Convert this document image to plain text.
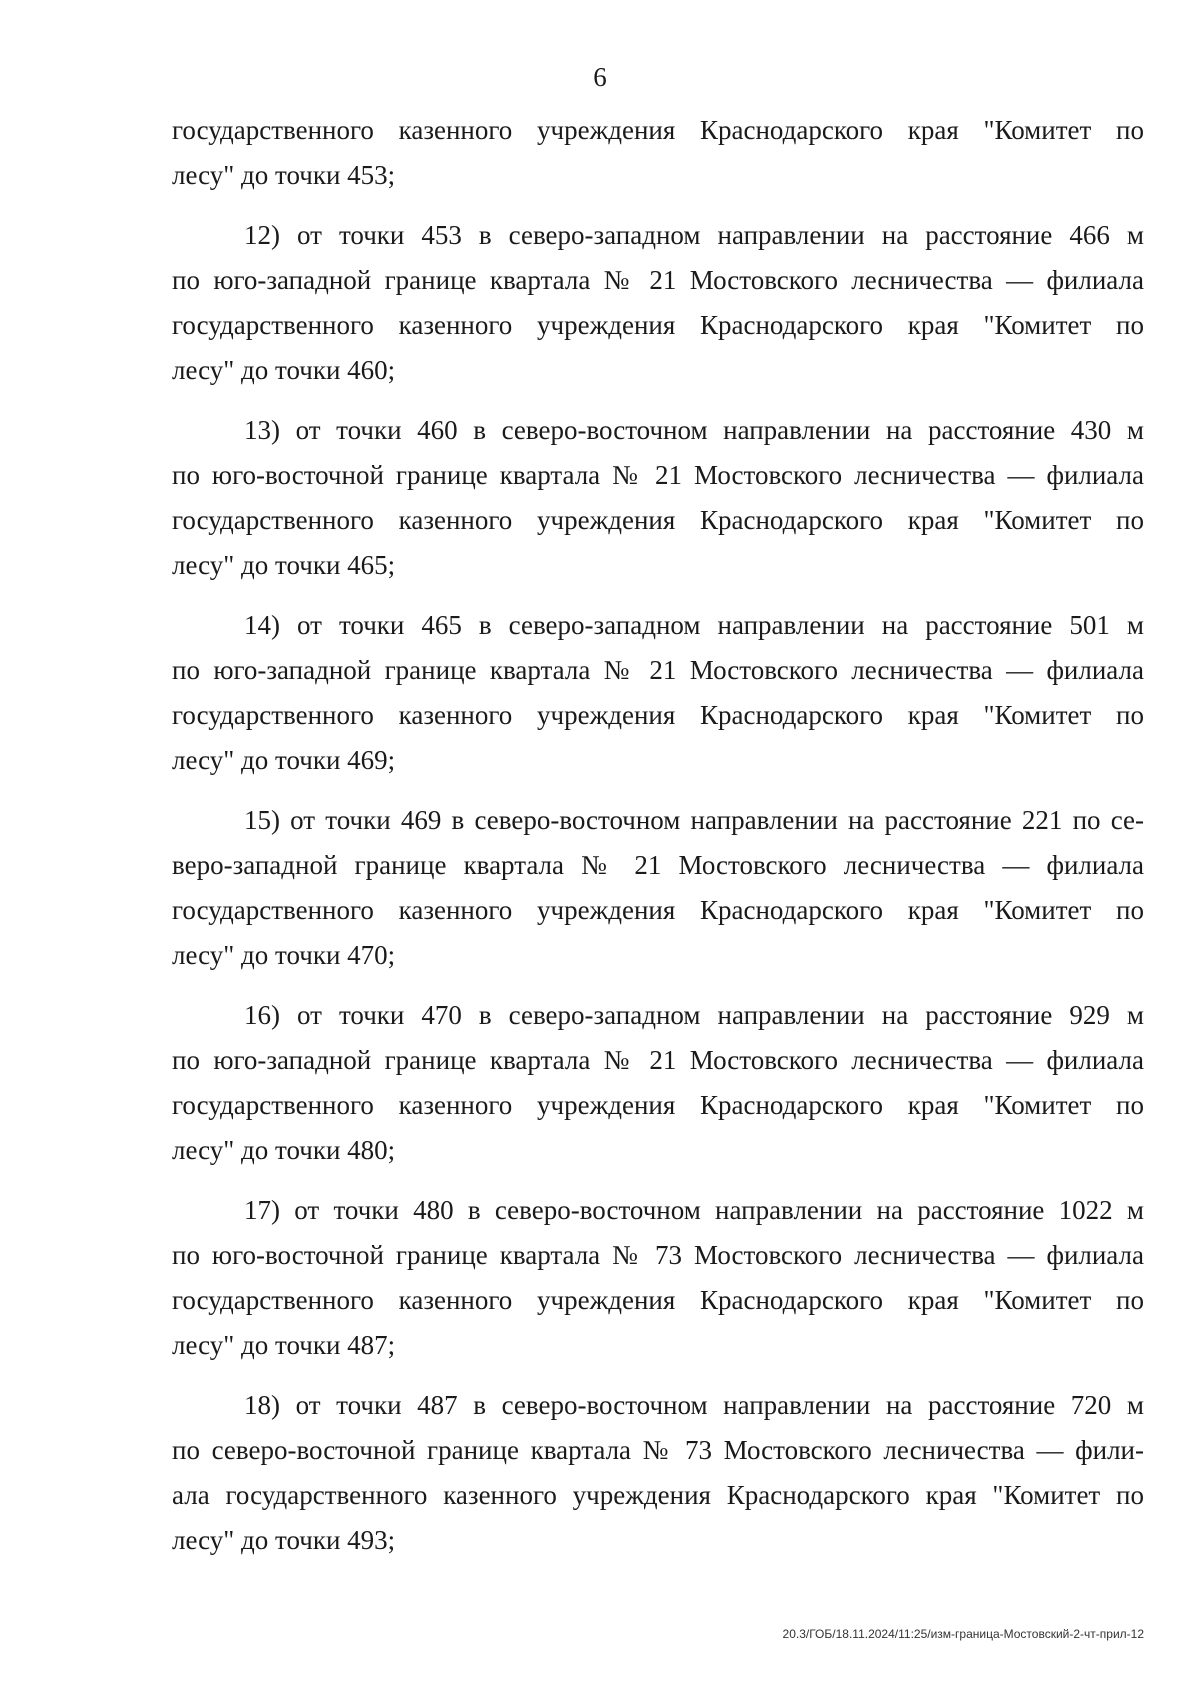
6
государственного казенного учреждения Краснодарского края "Комитет по
лесу" до точки 453;
12) от точки 453 в северо-западном направлении на расстояние 466 м
по юго-западной границе квартала № 21 Мостовского лесничества — филиала
государственного казенного учреждения Краснодарского края "Комитет по
лесу" до точки 460;
13) от точки 460 в северо-восточном направлении на расстояние 430 м
по юго-восточной границе квартала № 21 Мостовского лесничества — филиала
государственного казенного учреждения Краснодарского края "Комитет по
лесу" до точки 465;
14) от точки 465 в северо-западном направлении на расстояние 501 м
по юго-западной границе квартала № 21 Мостовского лесничества — филиала
государственного казенного учреждения Краснодарского края "Комитет по
лесу" до точки 469;
15) от точки 469 в северо-восточном направлении на расстояние 221 по се-
веро-западной границе квартала № 21 Мостовского лесничества — филиала
государственного казенного учреждения Краснодарского края "Комитет по
лесу" до точки 470;
16) от точки 470 в северо-западном направлении на расстояние 929 м
по юго-западной границе квартала № 21 Мостовского лесничества — филиала
государственного казенного учреждения Краснодарского края "Комитет по
лесу" до точки 480;
17) от точки 480 в северо-восточном направлении на расстояние 1022 м
по юго-восточной границе квартала № 73 Мостовского лесничества — филиала
государственного казенного учреждения Краснодарского края "Комитет по
лесу" до точки 487;
18) от точки 487 в северо-восточном направлении на расстояние 720 м
по северо-восточной границе квартала № 73 Мостовского лесничества — фили-
ала государственного казенного учреждения Краснодарского края "Комитет по
лесу" до точки 493;
20.3/ГОБ/18.11.2024/11:25/изм-граница-Мостовский-2-чт-прил-12
